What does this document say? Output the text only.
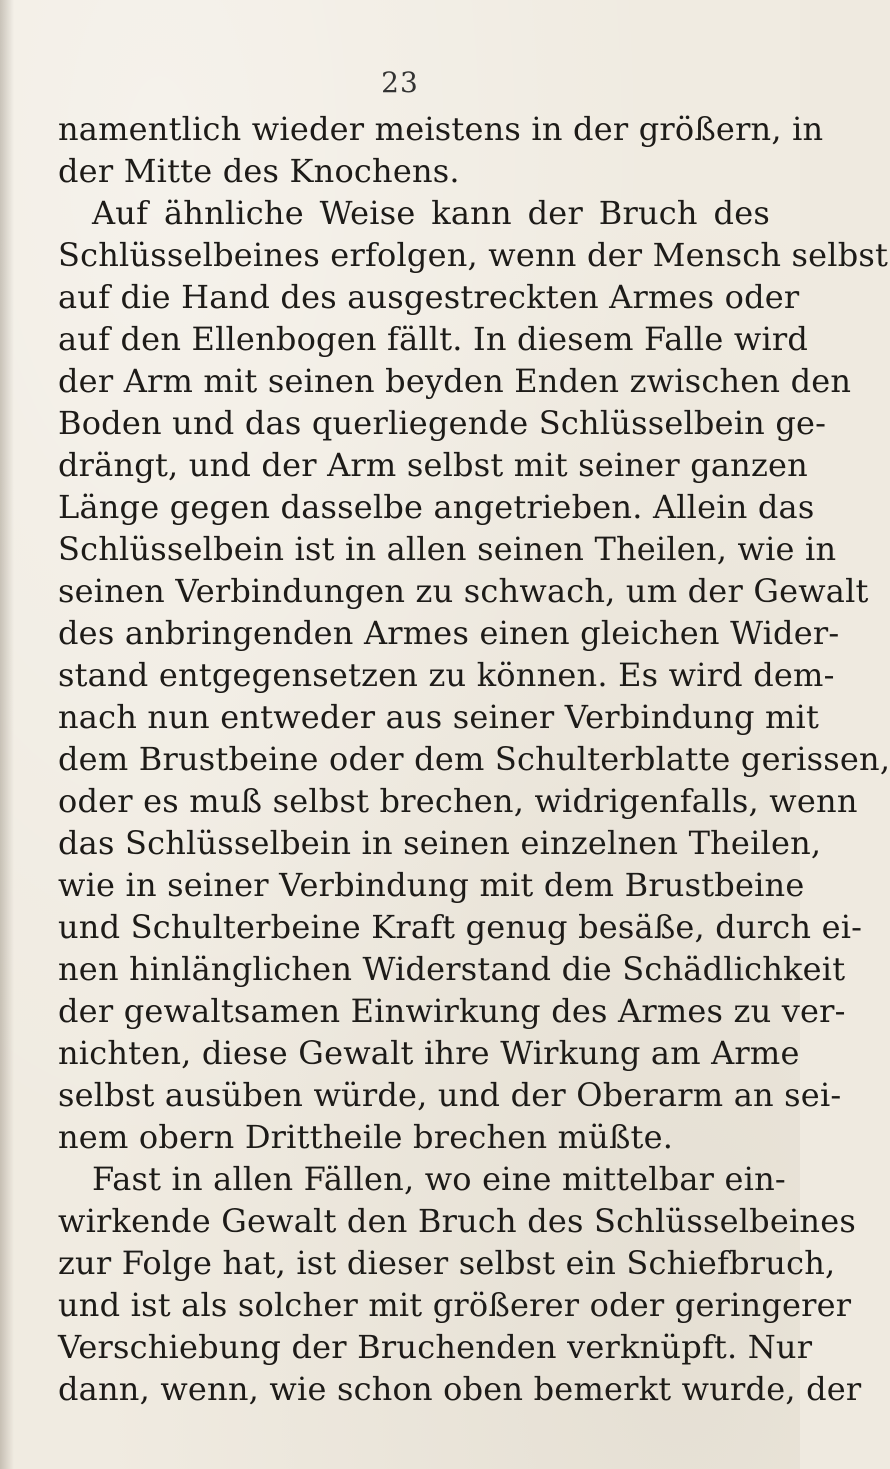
23
namentlich wieder meistens in der größern, in
der Mitte des Knochens.
Auf ähnliche Weise kann der Bruch des
Schlüsselbeines erfolgen, wenn der Mensch selbst
auf die Hand des ausgestreckten Armes oder
auf den Ellenbogen fällt. In diesem Falle wird
der Arm mit seinen beyden Enden zwischen den
Boden und das querliegende Schlüsselbein ge-
drängt, und der Arm selbst mit seiner ganzen
Länge gegen dasselbe angetrieben. Allein das
Schlüsselbein ist in allen seinen Theilen, wie in
seinen Verbindungen zu schwach, um der Gewalt
des anbringenden Armes einen gleichen Wider-
stand entgegensetzen zu können. Es wird dem-
nach nun entweder aus seiner Verbindung mit
dem Brustbeine oder dem Schulterblatte gerissen,
oder es muß selbst brechen, widrigenfalls, wenn
das Schlüsselbein in seinen einzelnen Theilen,
wie in seiner Verbindung mit dem Brustbeine
und Schulterbeine Kraft genug besäße, durch ei-
nen hinlänglichen Widerstand die Schädlichkeit
der gewaltsamen Einwirkung des Armes zu ver-
nichten, diese Gewalt ihre Wirkung am Arme
selbst ausüben würde, und der Oberarm an sei-
nem obern Drittheile brechen müßte.
Fast in allen Fällen, wo eine mittelbar ein-
wirkende Gewalt den Bruch des Schlüsselbeines
zur Folge hat, ist dieser selbst ein Schiefbruch,
und ist als solcher mit größerer oder geringerer
Verschiebung der Bruchenden verknüpft. Nur
dann, wenn, wie schon oben bemerkt wurde, der
